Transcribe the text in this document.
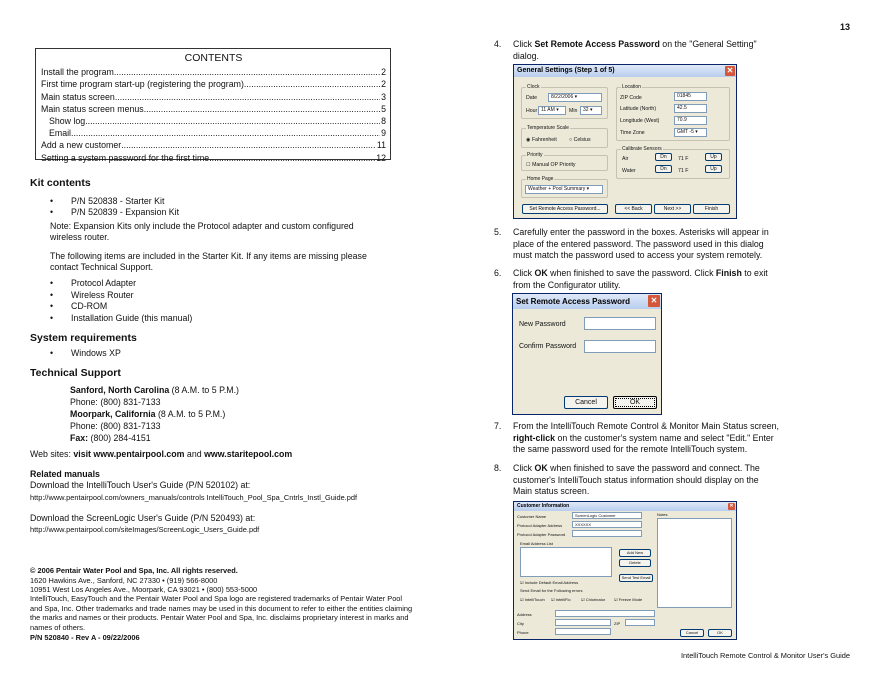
13
CONTENTS
Install the program .....	2
First time program start-up (registering the program) .....	2
Main status screen .....	3
Main status screen menus .....	5
Show log .....	8
Email .....	9
Add a new customer .....	11
Setting a system password for the first time .....	12
Kit contents
• P/N 520838 - Starter Kit
• P/N 520839 - Expansion Kit
Note: Expansion Kits only include the Protocol adapter and custom configured
wireless router.
The following items are included in the Starter Kit. If any items are missing please
contact Technical Support.
• Protocol Adapter
• Wireless Router
• CD-ROM
• Installation Guide (this manual)
System requirements
• Windows XP
Technical Support
Sanford, North Carolina (8 A.M. to 5 P.M.)
Phone: (800) 831-7133
Moorpark, California (8 A.M. to 5 P.M.)
Phone: (800) 831-7133
Fax: (800) 284-4151
Web sites: visit www.pentairpool.com and www.staritepool.com
Related manuals
Download the IntelliTouch User's Guide (P/N 520102) at:
http://www.pentairpool.com/owners_manuals/controls IntelliTouch_Pool_Spa_Cntrls_Instl_Guide.pdf
Download the ScreenLogic User's Guide (P/N 520493) at:
http://www.pentairpool.com/siteImages/ScreenLogic_Users_Guide.pdf
© 2006 Pentair Water Pool and Spa, Inc. All rights reserved.
1620 Hawkins Ave., Sanford, NC 27330 • (919) 566-8000
10951 West Los Angeles Ave., Moorpark, CA 93021 • (800) 553-5000
IntelliTouch, EasyTouch and the Pentair Water Pool and Spa logo are registered trademarks of Pentair Water Pool
and Spa, Inc. Other trademarks and trade names may be used in this document to refer to either the entities claiming
the marks and names or their products. Pentair Water Pool and Spa, Inc. disclaims proprietary interest in marks and
names of others.
P/N 520840 - Rev A - 09/22/2006
4. Click Set Remote Access Password on the "General Setting"
dialog.
General Settings (Step 1 of 5)	✕
Clock
Date	8/22/2006 ▾
Hour 11 AM ▾	Min	32 ▾
Temperature Scale
◉ Fahrenheit ○ Celsius
Priority
☐ Manual OP Priority
Home Page
Weather + Pool Summary ▾
Location
ZIP Code	01845
Latitude (North)	42.5
Longitude (West)	70.9
Time Zone	GMT -5 ▾
Calibrate Sensors
Air	Dn	71 F	Up
Water	Dn	71 F	Up
Set Remote Access Password...	<< Back	Next >>	Finish
5. Carefully enter the password in the boxes. Asterisks will appear in
place of the entered password. The password used in this dialog
must match the password used to access your system remotely.
6. Click OK when finished to save the password. Click Finish to exit
from the Configurator utility.
Set Remote Access Password	✕
New Password
Confirm Password
Cancel	OK
7. From the IntelliTouch Remote Control & Monitor Main Status screen,
right-click on the customer's system name and select "Edit." Enter
the same password used for the remote IntelliTouch system.
8. Click OK when finished to save the password and connect. The
customer's IntelliTouch status information should display on the
Main status screen.
Customer Information	✕
Customer Name	ScreenLogic Customer
Protocol Adapter Address	XXXXXX
Protocol Adapter Password
Email Address List
Add New
Delete
Send Test Email
☑ Include Default Email Address
Send Email for the Following errors
☑ IntelliTouch ☑ IntelliFlo	☑ Chlorinator ☑ Freeze Mode
Notes
Address
City	ZIP
Phone	Cancel	OK
IntelliTouch Remote Control & Monitor User's Guide
